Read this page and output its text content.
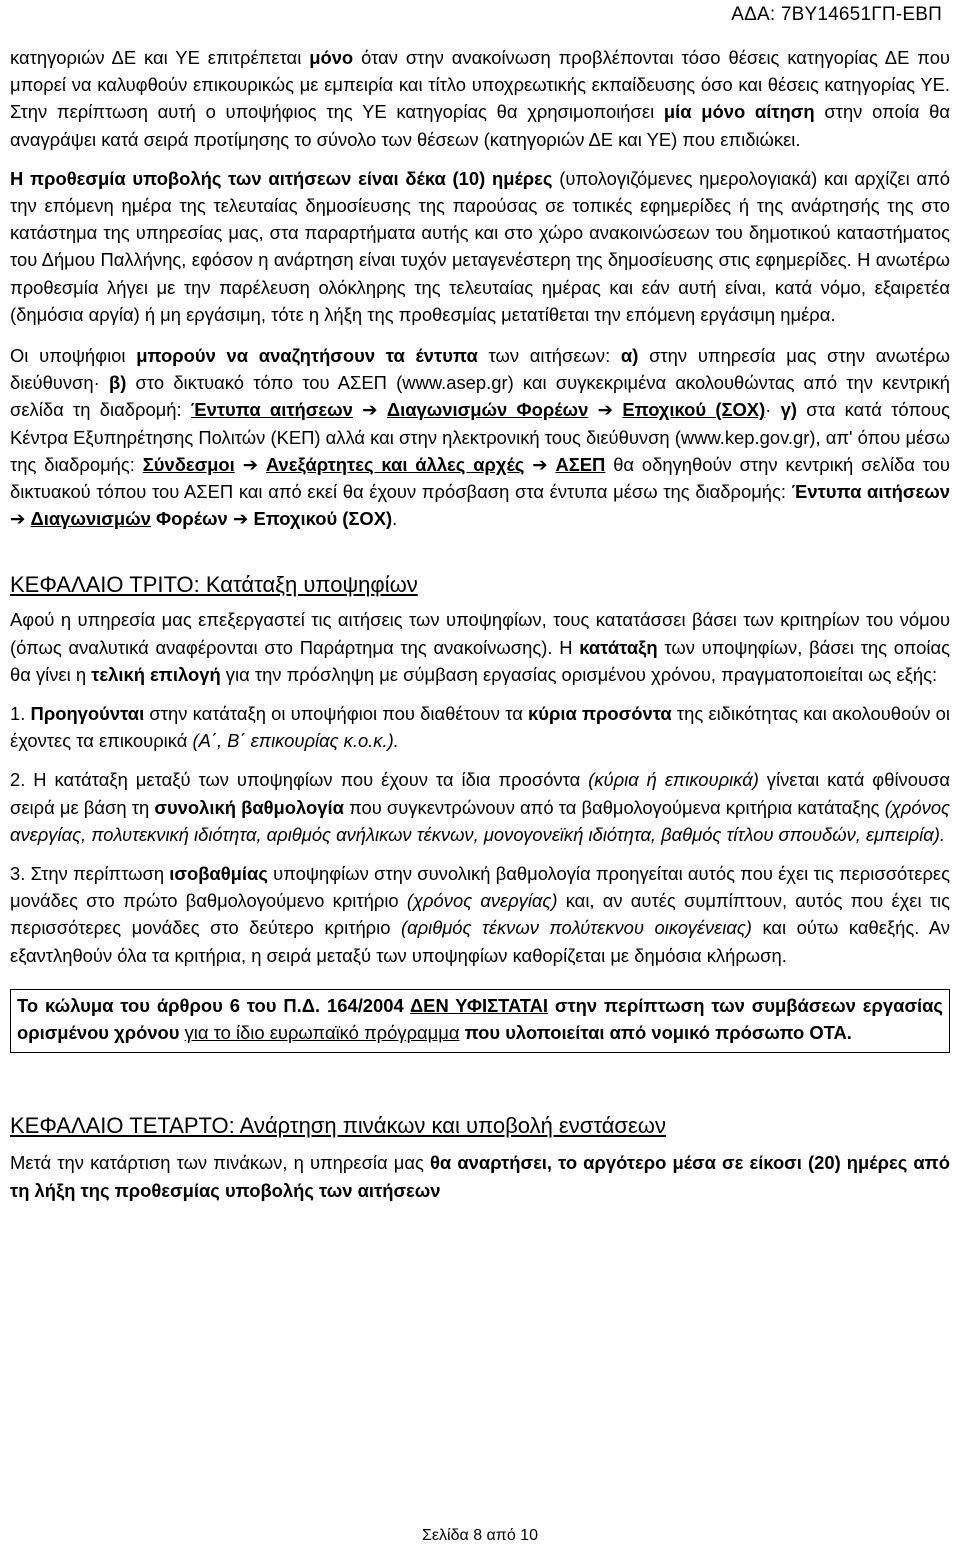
ΑΔΑ: 7ΒΥ14651ΓΠ-ΕΒΠ

κατηγοριών ΔΕ και ΥΕ επιτρέπεται μόνο όταν στην ανακοίνωση προβλέπονται τόσο θέσεις κατηγορίας ΔΕ που μπορεί να καλυφθούν επικουρικώς με εμπειρία και τίτλο υποχρεωτικής εκπαίδευσης όσο και θέσεις κατηγορίας ΥΕ. Στην περίπτωση αυτή ο υποψήφιος της ΥΕ κατηγορίας θα χρησιμοποιήσει μία μόνο αίτηση στην οποία θα αναγράψει κατά σειρά προτίμησης το σύνολο των θέσεων (κατηγοριών ΔΕ και ΥΕ) που επιδιώκει.

Η προθεσμία υποβολής των αιτήσεων είναι δέκα (10) ημέρες (υπολογιζόμενες ημερολογιακά) και αρχίζει από την επόμενη ημέρα της τελευταίας δημοσίευσης της παρούσας σε τοπικές εφημερίδες ή της ανάρτησής της στο κατάστημα της υπηρεσίας μας, στα παραρτήματα αυτής και στο χώρο ανακοινώσεων του δημοτικού καταστήματος του Δήμου Παλλήνης, εφόσον η ανάρτηση είναι τυχόν μεταγενέστερη της δημοσίευσης στις εφημερίδες. Η ανωτέρω προθεσμία λήγει με την παρέλευση ολόκληρης της τελευταίας ημέρας και εάν αυτή είναι, κατά νόμο, εξαιρετέα (δημόσια αργία) ή μη εργάσιμη, τότε η λήξη της προθεσμίας μετατίθεται την επόμενη εργάσιμη ημέρα.

Οι υποψήφιοι μπορούν να αναζητήσουν τα έντυπα των αιτήσεων: α) στην υπηρεσία μας στην ανωτέρω διεύθυνση· β) στο δικτυακό τόπο του ΑΣΕΠ (www.asep.gr) και συγκεκριμένα ακολουθώντας από την κεντρική σελίδα τη διαδρομή: Έντυπα αιτήσεων ➔ Διαγωνισμών Φορέων ➔ Εποχικού (ΣΟΧ)· γ) στα κατά τόπους Κέντρα Εξυπηρέτησης Πολιτών (ΚΕΠ) αλλά και στην ηλεκτρονική τους διεύθυνση (www.kep.gov.gr), απ' όπου μέσω της διαδρομής: Σύνδεσμοι ➔ Ανεξάρτητες και άλλες αρχές ➔ ΑΣΕΠ θα οδηγηθούν στην κεντρική σελίδα του δικτυακού τόπου του ΑΣΕΠ και από εκεί θα έχουν πρόσβαση στα έντυπα μέσω της διαδρομής: Έντυπα αιτήσεων ➔ Διαγωνισμών Φορέων ➔ Εποχικού (ΣΟΧ).

ΚΕΦΑΛΑΙΟ ΤΡΙΤΟ: Κατάταξη υποψηφίων

Αφού η υπηρεσία μας επεξεργαστεί τις αιτήσεις των υποψηφίων, τους κατατάσσει βάσει των κριτηρίων του νόμου (όπως αναλυτικά αναφέρονται στο Παράρτημα της ανακοίνωσης). Η κατάταξη των υποψηφίων, βάσει της οποίας θα γίνει η τελική επιλογή για την πρόσληψη με σύμβαση εργασίας ορισμένου χρόνου, πραγματοποιείται ως εξής:

1. Προηγούνται στην κατάταξη οι υποψήφιοι που διαθέτουν τα κύρια προσόντα της ειδικότητας και ακολουθούν οι έχοντες τα επικουρικά (Α΄, Β΄ επικουρίας κ.ο.κ.).

2. Η κατάταξη μεταξύ των υποψηφίων που έχουν τα ίδια προσόντα (κύρια ή επικουρικά) γίνεται κατά φθίνουσα σειρά με βάση τη συνολική βαθμολογία που συγκεντρώνουν από τα βαθμολογούμενα κριτήρια κατάταξης (χρόνος ανεργίας, πολυτεκνική ιδιότητα, αριθμός ανήλικων τέκνων, μονογονεϊκή ιδιότητα, βαθμός τίτλου σπουδών, εμπειρία).

3. Στην περίπτωση ισοβαθμίας υποψηφίων στην συνολική βαθμολογία προηγείται αυτός που έχει τις περισσότερες μονάδες στο πρώτο βαθμολογούμενο κριτήριο (χρόνος ανεργίας) και, αν αυτές συμπίπτουν, αυτός που έχει τις περισσότερες μονάδες στο δεύτερο κριτήριο (αριθμός τέκνων πολύτεκνου οικογένειας) και ούτω καθεξής. Αν εξαντληθούν όλα τα κριτήρια, η σειρά μεταξύ των υποψηφίων καθορίζεται με δημόσια κλήρωση.

Το κώλυμα του άρθρου 6 του Π.Δ. 164/2004 ΔΕΝ ΥΦΙΣΤΑΤΑΙ στην περίπτωση των συμβάσεων εργασίας ορισμένου χρόνου για το ίδιο ευρωπαϊκό πρόγραμμα που υλοποιείται από νομικό πρόσωπο ΟΤΑ.

ΚΕΦΑΛΑΙΟ ΤΕΤΑΡΤΟ: Ανάρτηση πινάκων και υποβολή ενστάσεων

Μετά την κατάρτιση των πινάκων, η υπηρεσία μας θα αναρτήσει, το αργότερο μέσα σε είκοσι (20) ημέρες από τη λήξη της προθεσμίας υποβολής των αιτήσεων

Σελίδα 8 από 10
